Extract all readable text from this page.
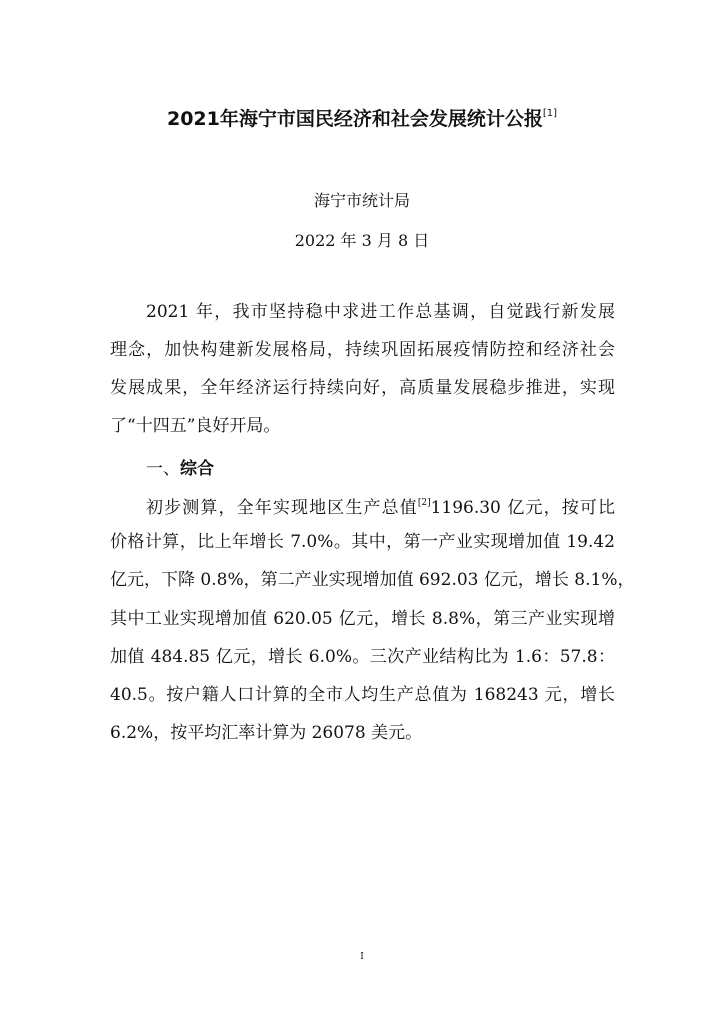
2021年海宁市国民经济和社会发展统计公报[1]
海宁市统计局
2022 年 3 月 8 日
2021 年，我市坚持稳中求进工作总基调，自觉践行新发展
理念，加快构建新发展格局，持续巩固拓展疫情防控和经济社会
发展成果，全年经济运行持续向好，高质量发展稳步推进，实现
了“十四五”良好开局。
一、综合
初步测算，全年实现地区生产总值[2]1196.30 亿元，按可比
价格计算，比上年增长 7.0%。其中，第一产业实现增加值 19.42
亿元，下降 0.8%，第二产业实现增加值 692.03 亿元，增长 8.1%，
其中工业实现增加值 620.05 亿元，增长 8.8%，第三产业实现增
加值 484.85 亿元，增长 6.0%。三次产业结构比为 1.6：57.8：
40.5。按户籍人口计算的全市人均生产总值为 168243 元，增长
6.2%，按平均汇率计算为 26078 美元。
I
